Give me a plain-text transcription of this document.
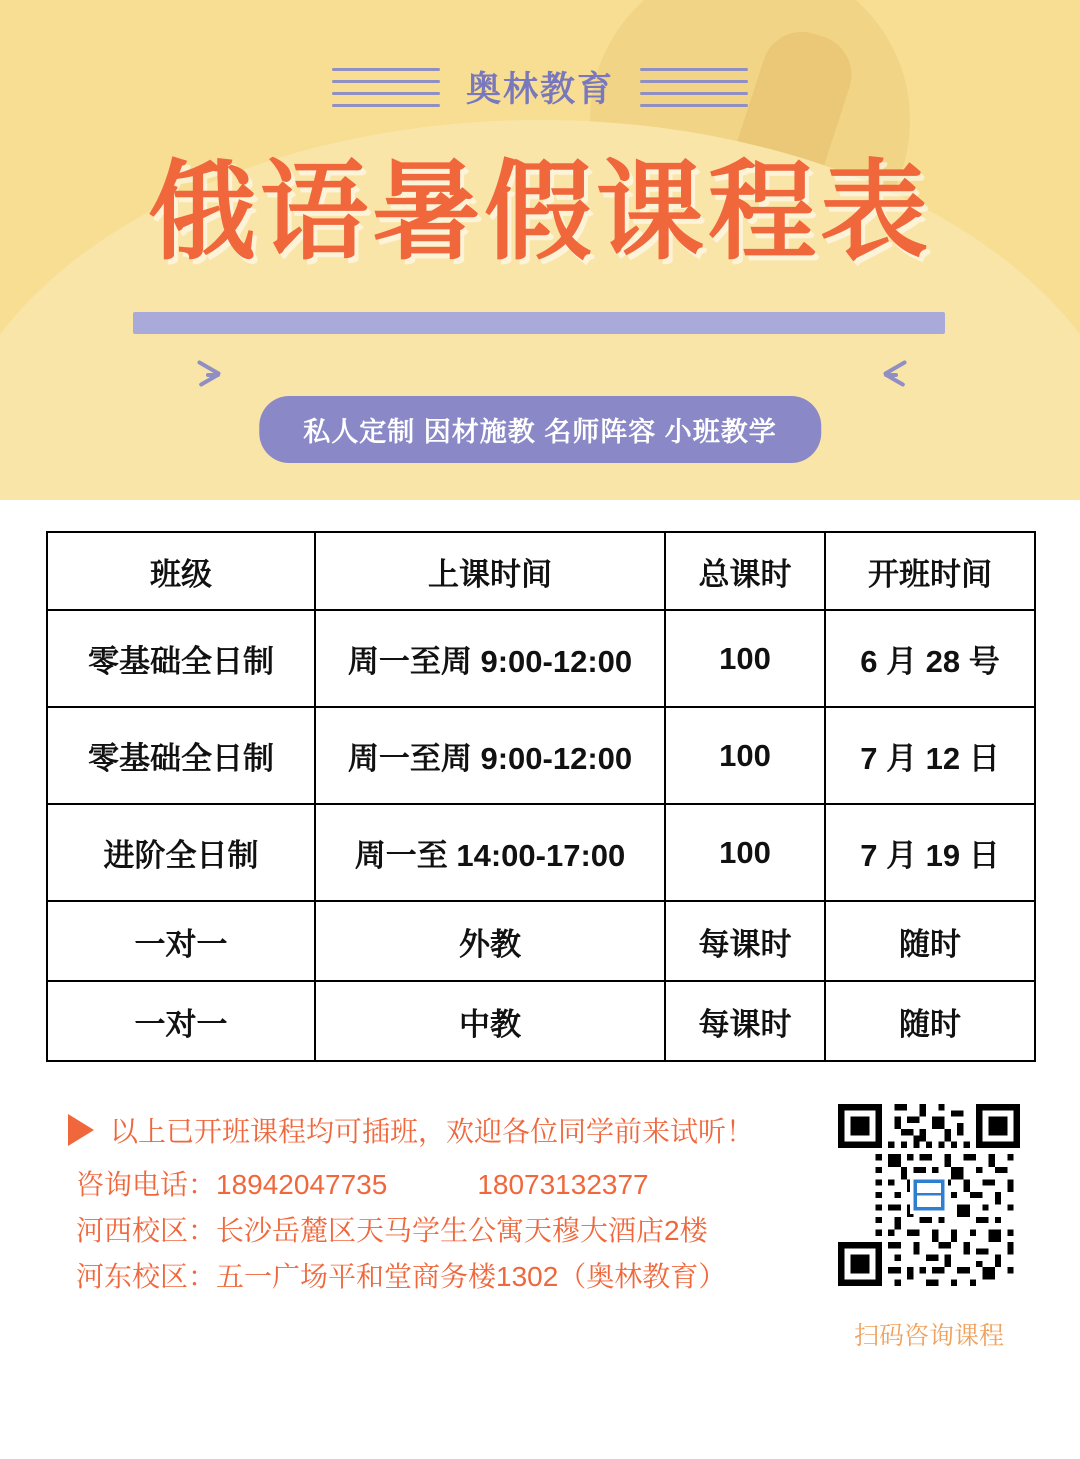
奥林教育
俄语暑假课程表
私人定制 因材施教 名师阵容 小班教学
班级	上课时间	总课时	开班时间
零基础全日制	周一至周 9:00-12:00	100	6 月 28 号
零基础全日制	周一至周 9:00-12:00	100	7 月 12 日
进阶全日制	周一至 14:00-17:00	100	7 月 19 日
一对一	外教	每课时	随时
一对一	中教	每课时	随时
以上已开班课程均可插班，欢迎各位同学前来试听！
咨询电话：18942047735	18073132377
河西校区：长沙岳麓区天马学生公寓天穆大酒店2楼
河东校区：五一广场平和堂商务楼1302（奥林教育）
扫码咨询课程
